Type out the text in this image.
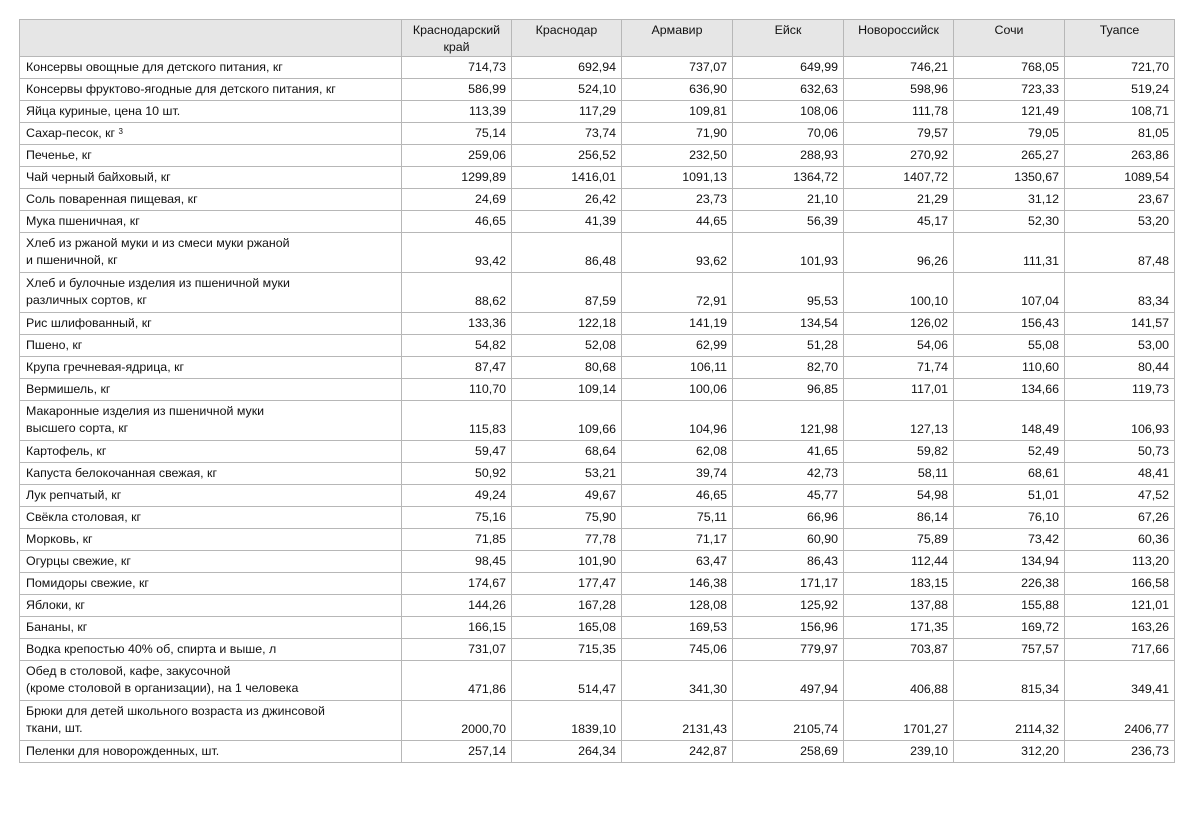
	Краснодарский край	Краснодар	Армавир	Ейск	Новороссийск	Сочи	Туапсе
Консервы овощные для детского питания, кг	714,73	692,94	737,07	649,99	746,21	768,05	721,70
Консервы фруктово-ягодные для детского питания, кг	586,99	524,10	636,90	632,63	598,96	723,33	519,24
Яйца куриные, цена 10 шт.	113,39	117,29	109,81	108,06	111,78	121,49	108,71
Сахар-песок, кг $^3$	75,14	73,74	71,90	70,06	79,57	79,05	81,05
Печенье, кг	259,06	256,52	232,50	288,93	270,92	265,27	263,86
Чай черный байховый, кг	1299,89	1416,01	1091,13	1364,72	1407,72	1350,67	1089,54
Соль поваренная пищевая, кг	24,69	26,42	23,73	21,10	21,29	31,12	23,67
Мука пшеничная, кг	46,65	41,39	44,65	56,39	45,17	52,30	53,20
Хлеб из ржаной муки и из смеси муки ржаной
и пшеничной, кг	93,42	86,48	93,62	101,93	96,26	111,31	87,48
Хлеб и булочные изделия из пшеничной муки
различных сортов, кг	88,62	87,59	72,91	95,53	100,10	107,04	83,34
Рис шлифованный, кг	133,36	122,18	141,19	134,54	126,02	156,43	141,57
Пшено, кг	54,82	52,08	62,99	51,28	54,06	55,08	53,00
Крупа гречневая-ядрица, кг	87,47	80,68	106,11	82,70	71,74	110,60	80,44
Вермишель, кг	110,70	109,14	100,06	96,85	117,01	134,66	119,73
Макаронные изделия из пшеничной муки
высшего сорта, кг	115,83	109,66	104,96	121,98	127,13	148,49	106,93
Картофель, кг	59,47	68,64	62,08	41,65	59,82	52,49	50,73
Капуста белокочанная свежая, кг	50,92	53,21	39,74	42,73	58,11	68,61	48,41
Лук репчатый, кг	49,24	49,67	46,65	45,77	54,98	51,01	47,52
Свёкла столовая, кг	75,16	75,90	75,11	66,96	86,14	76,10	67,26
Морковь, кг	71,85	77,78	71,17	60,90	75,89	73,42	60,36
Огурцы свежие, кг	98,45	101,90	63,47	86,43	112,44	134,94	113,20
Помидоры свежие, кг	174,67	177,47	146,38	171,17	183,15	226,38	166,58
Яблоки, кг	144,26	167,28	128,08	125,92	137,88	155,88	121,01
Бананы, кг	166,15	165,08	169,53	156,96	171,35	169,72	163,26
Водка крепостью 40% об, спирта и выше, л	731,07	715,35	745,06	779,97	703,87	757,57	717,66
Обед в столовой, кафе, закусочной
(кроме столовой в организации), на 1 человека	471,86	514,47	341,30	497,94	406,88	815,34	349,41
Брюки для детей школьного возраста из джинсовой
ткани, шт.	2000,70	1839,10	2131,43	2105,74	1701,27	2114,32	2406,77
Пеленки для новорожденных, шт.	257,14	264,34	242,87	258,69	239,10	312,20	236,73
